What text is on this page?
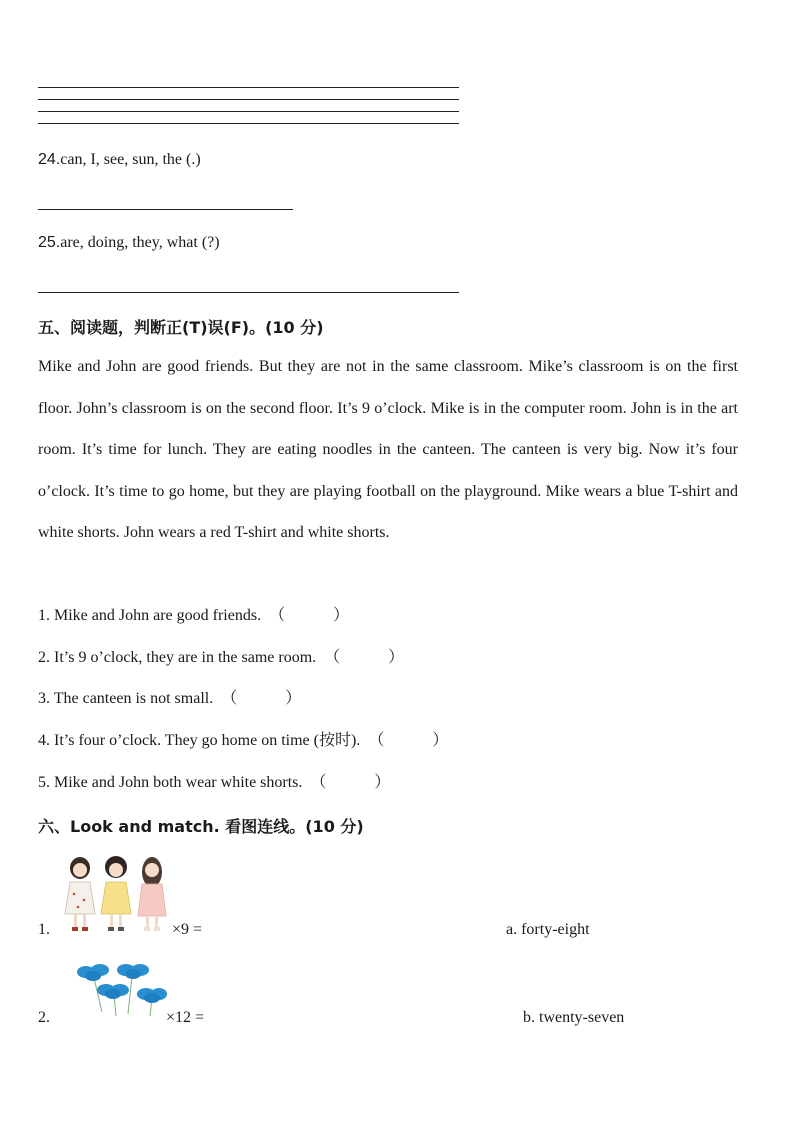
24.can, I, see, sun, the (.)
25.are, doing, they, what (?)
五、阅读题，判断正(T)误(F)。(10 分)
Mike and John are good friends. But they are not in the same classroom. Mike’s classroom is on the first floor. John’s classroom is on the second floor. It’s 9 o’clock. Mike is in the computer room. John is in the art room. It’s time for lunch. They are eating noodles in the canteen. The canteen is very big. Now it’s four o’clock. It’s time to go home, but they are playing football on the playground. Mike wears a blue T-shirt and white shorts. John wears a red T-shirt and white shorts.
1. Mike and John are good friends. （　　　）
2. It’s 9 o’clock, they are in the same room. （　　　）
3. The canteen is not small. （　　　）
4. It’s four o’clock. They go home on time (按时). （　　　）
5. Mike and John both wear white shorts. （　　　）
六、Look and match. 看图连线。(10 分)
1.	×9 =	a. forty-eight
2.	×12 =	b. twenty-seven
